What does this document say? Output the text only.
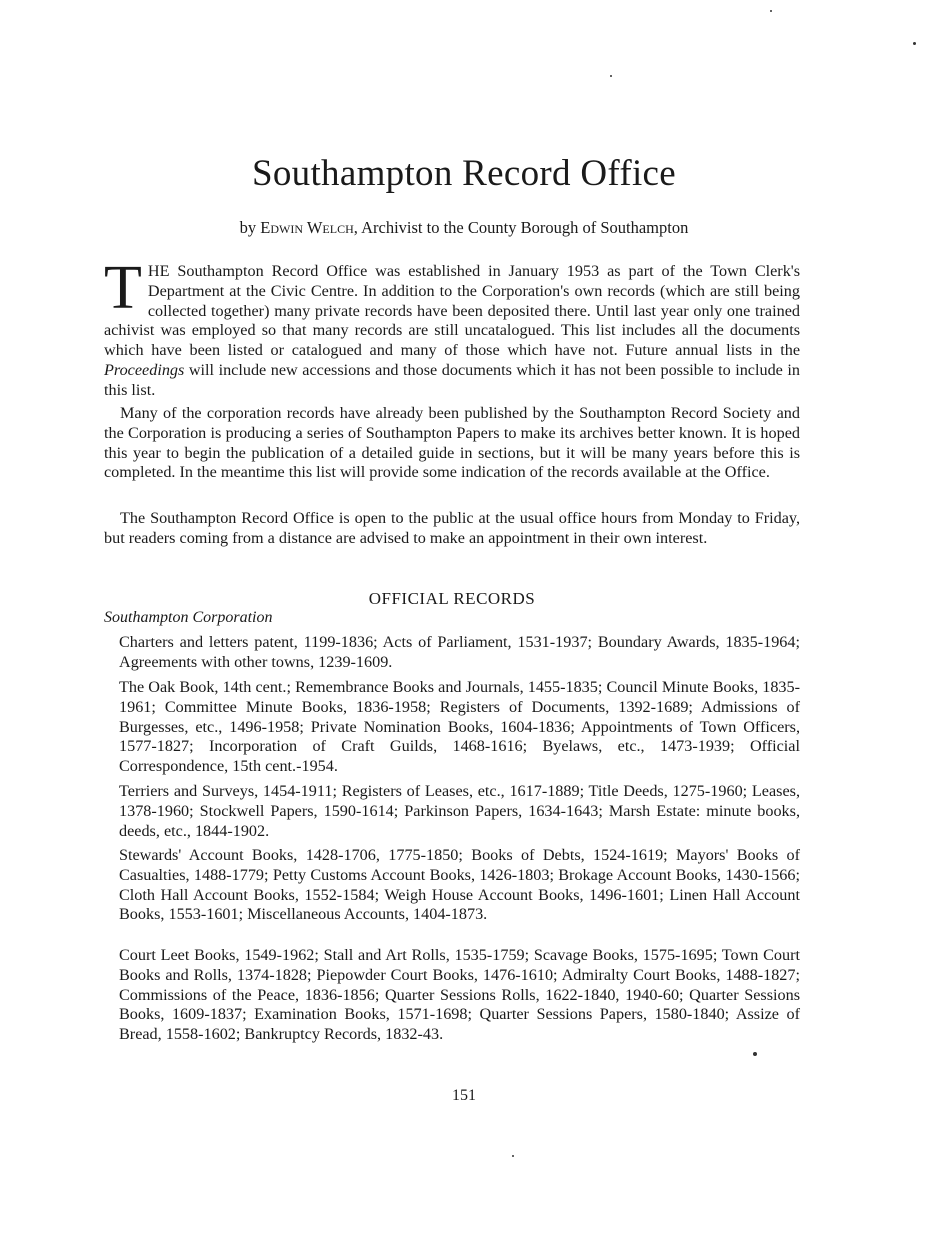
Southampton Record Office
by Edwin Welch, Archivist to the County Borough of Southampton

THE Southampton Record Office was established in January 1953 as part of the Town Clerk's Department at the Civic Centre. In addition to the Corporation's own records (which are still being collected together) many private records have been deposited there. Until last year only one trained achivist was employed so that many records are still uncatalogued. This list includes all the documents which have been listed or catalogued and many of those which have not. Future annual lists in the Proceedings will include new accessions and those documents which it has not been possible to include in this list.

Many of the corporation records have already been published by the Southampton Record Society and the Corporation is producing a series of Southampton Papers to make its archives better known. It is hoped this year to begin the publication of a detailed guide in sections, but it will be many years before this is completed. In the meantime this list will provide some indication of the records available at the Office.

The Southampton Record Office is open to the public at the usual office hours from Monday to Friday, but readers coming from a distance are advised to make an appointment in their own interest.

OFFICIAL RECORDS
Southampton Corporation

Charters and letters patent, 1199-1836; Acts of Parliament, 1531-1937; Boundary Awards, 1835-1964; Agreements with other towns, 1239-1609.

The Oak Book, 14th cent.; Remembrance Books and Journals, 1455-1835; Council Minute Books, 1835-1961; Committee Minute Books, 1836-1958; Registers of Documents, 1392-1689; Admissions of Burgesses, etc., 1496-1958; Private Nomination Books, 1604-1836; Appointments of Town Officers, 1577-1827; Incorporation of Craft Guilds, 1468-1616; Byelaws, etc., 1473-1939; Official Correspondence, 15th cent.-1954.

Terriers and Surveys, 1454-1911; Registers of Leases, etc., 1617-1889; Title Deeds, 1275-1960; Leases, 1378-1960; Stockwell Papers, 1590-1614; Parkinson Papers, 1634-1643; Marsh Estate: minute books, deeds, etc., 1844-1902.

Stewards' Account Books, 1428-1706, 1775-1850; Books of Debts, 1524-1619; Mayors' Books of Casualties, 1488-1779; Petty Customs Account Books, 1426-1803; Brokage Account Books, 1430-1566; Cloth Hall Account Books, 1552-1584; Weigh House Account Books, 1496-1601; Linen Hall Account Books, 1553-1601; Miscellaneous Accounts, 1404-1873.

Court Leet Books, 1549-1962; Stall and Art Rolls, 1535-1759; Scavage Books, 1575-1695; Town Court Books and Rolls, 1374-1828; Piepowder Court Books, 1476-1610; Admiralty Court Books, 1488-1827; Commissions of the Peace, 1836-1856; Quarter Sessions Rolls, 1622-1840, 1940-60; Quarter Sessions Books, 1609-1837; Examination Books, 1571-1698; Quarter Sessions Papers, 1580-1840; Assize of Bread, 1558-1602; Bankruptcy Records, 1832-43.

151
